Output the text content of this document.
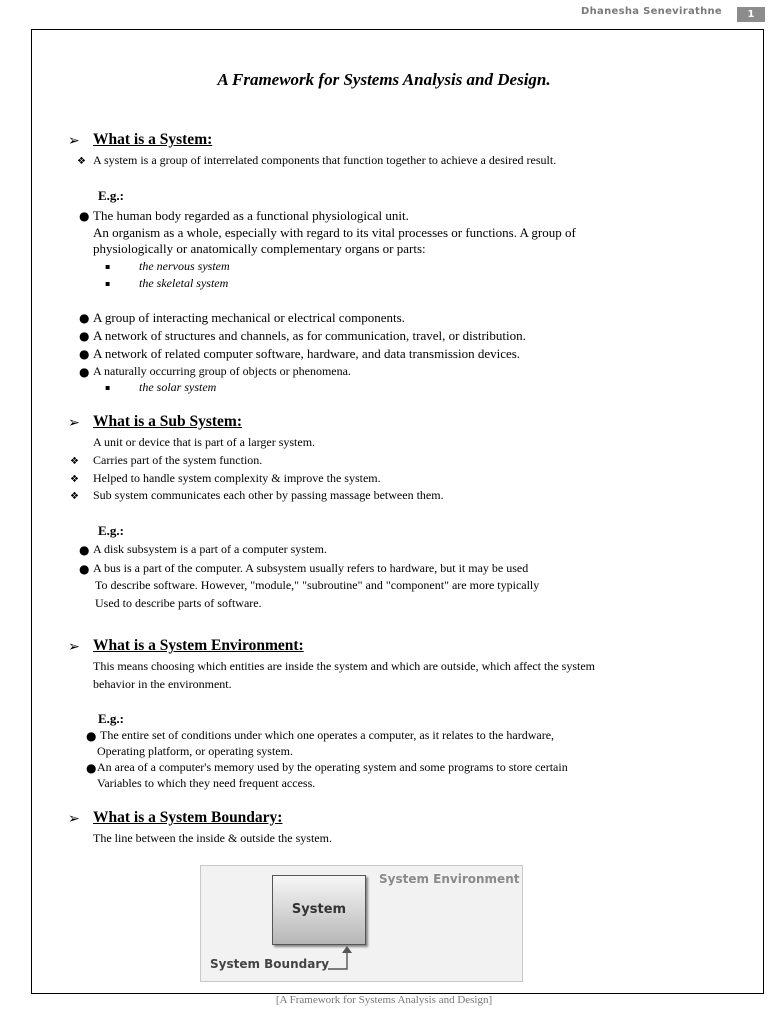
Dhanesha Senevirathne	1
A Framework for Systems Analysis and Design.
➢ What is a System:
❖ A system is a group of interrelated components that function together to achieve a desired result.
E.g.:
● The human body regarded as a functional physiological unit.
An organism as a whole, especially with regard to its vital processes or functions. A group of
physiologically or anatomically complementary organs or parts:
▪ the nervous system
▪ the skeletal system
● A group of interacting mechanical or electrical components.
● A network of structures and channels, as for communication, travel, or distribution.
● A network of related computer software, hardware, and data transmission devices.
● A naturally occurring group of objects or phenomena.
▪ the solar system
➢ What is a Sub System:
A unit or device that is part of a larger system.
❖ Carries part of the system function.
❖ Helped to handle system complexity & improve the system.
❖ Sub system communicates each other by passing massage between them.
E.g.:
● A disk subsystem is a part of a computer system.
● A bus is a part of the computer. A subsystem usually refers to hardware, but it may be used
To describe software. However, "module," "subroutine" and "component" are more typically
Used to describe parts of software.
➢ What is a System Environment:
This means choosing which entities are inside the system and which are outside, which affect the system
behavior in the environment.
E.g.:
● The entire set of conditions under which one operates a computer, as it relates to the hardware,
Operating platform, or operating system.
● An area of a computer's memory used by the operating system and some programs to store certain
Variables to which they need frequent access.
➢ What is a System Boundary:
The line between the inside & outside the system.
System Environment
System
System Boundary
[A Framework for Systems Analysis and Design]
